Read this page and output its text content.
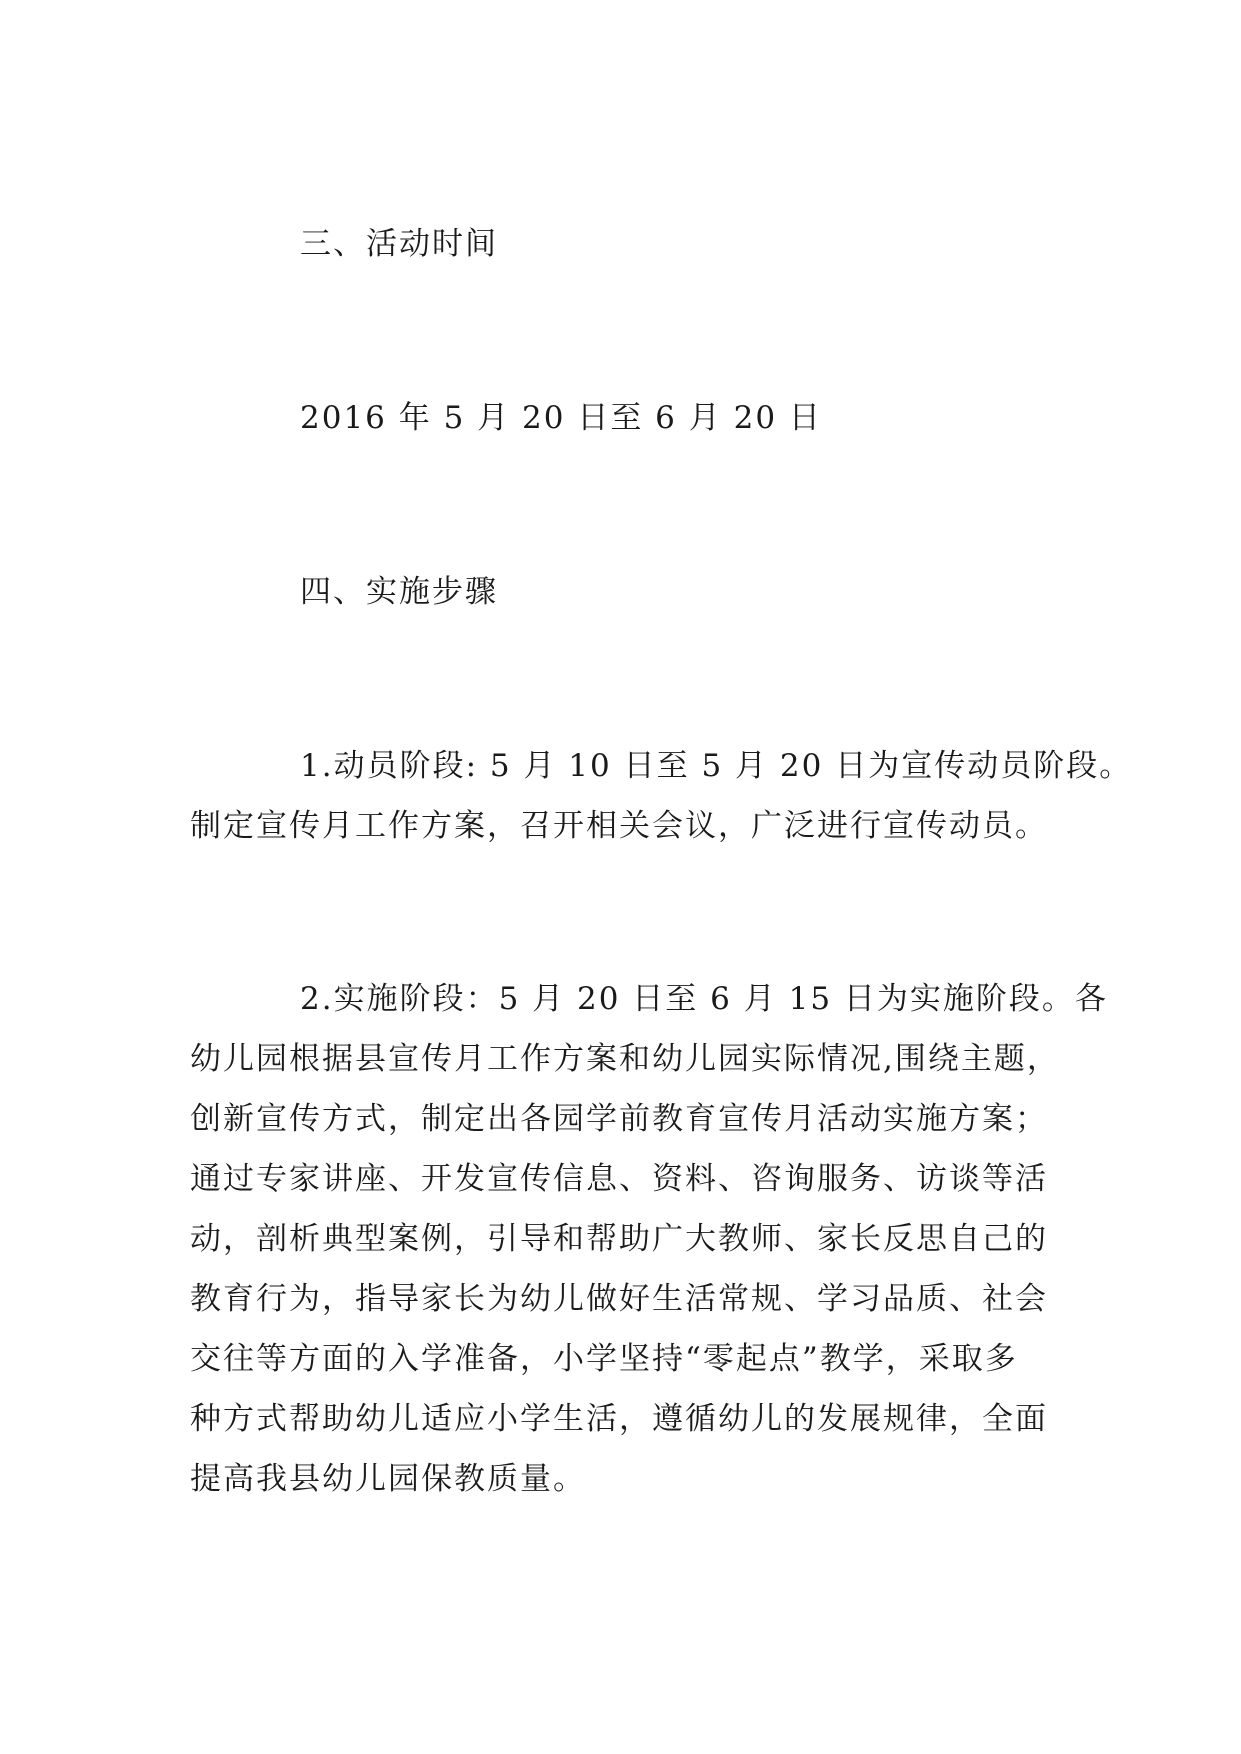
三、活动时间
2016 年 5 月 20 日至 6 月 20 日
四、实施步骤
1.动员阶段: 5 月 10 日至 5 月 20 日为宣传动员阶段。
制定宣传月工作方案，召开相关会议，广泛进行宣传动员。
2.实施阶段：5 月 20 日至 6 月 15 日为实施阶段。各
幼儿园根据县宣传月工作方案和幼儿园实际情况,围绕主题，
创新宣传方式，制定出各园学前教育宣传月活动实施方案；
通过专家讲座、开发宣传信息、资料、咨询服务、访谈等活
动，剖析典型案例，引导和帮助广大教师、家长反思自己的
教育行为，指导家长为幼儿做好生活常规、学习品质、社会
交往等方面的入学准备，小学坚持“零起点”教学，采取多
种方式帮助幼儿适应小学生活，遵循幼儿的发展规律，全面
提高我县幼儿园保教质量。
